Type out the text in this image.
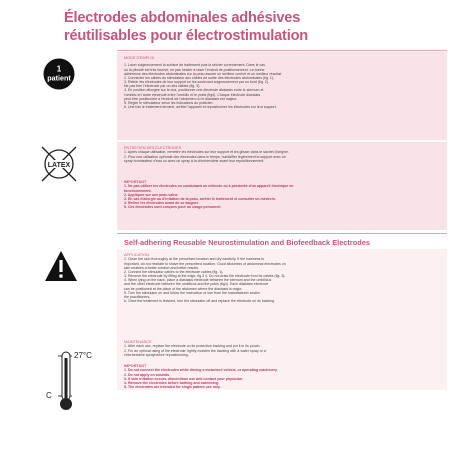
Électrodes abdominales adhésives
réutilisables pour électrostimulation
1
patient
LATEX
27°C
C
MODE D'EMPLOI

1. Laver soigneusement la surface de traitement puis la sécher correctement. Dans le cas

où la pilosité est très fournie, ne pas hésiter à raser l'endroit de positionnement. La bonne

adhérence des électrodes abdominales sur la peau assure un meilleur confort et un meilleur résultat.

2. Connecter les câbles du stimulateur aux câbles de sortie des électrodes abdominales (fig. 1).

3. Retirer les électrodes de leur support en les soulevant soigneusement par un bord (fig. 2).

Ne pas tirer l'électrode par un des câbles (fig. 3).

4. En position allongée sur le dos, positionner une électrode diastasis entre le sternum et

l'ombilic et l'autre électrode entre l'ombilic et le pubis (fig4). Chaque électrode diastasis

peut être positionnée à l'endroit de l'abdomen où le diastasis est majeur.

5. Régler le stimulateur selon les indications du praticien.

6. Une fois le traitement terminé, arrêter l'appareil et repositionner les électrodes sur leur support.

ENTRETIEN DES ÉLECTRODES

1. Après chaque utilisation, remettre les électrodes sur leur support et les glisser dans le sachet d'origine.

2. Pour une utilisation optimale des électrodes dans le temps, humidifier légèrement le support avec un

spray brumisateur d'eau ou avec un spray à la chlorhexidine avant leur repositionnement.

IMPORTANT

1. Ne pas utiliser les électrodes en conduisant un véhicule ou à proximité d'un appareil électrique en

fonctionnement.

2. Appliquer sur une peau saine.

3. En cas d'allergie ou d'irritation de la peau, arrêter le traitement et consulter un médecin.

4. Retirer les électrodes avant de se baigner.

5. Ces électrodes sont conçues pour un usage personnel.

Self-adhering Reusable Neurostimulation and Biofeedback Electrodes
APPLICATION

1. Clean the skin thoroughly at the prescribed location and dry carefully. If the hairiness is

important, do not hesitate to shave the prescribed location. Good stickiness of abdominal electrodes on

skin enables a better comfort and better results.

2. Connect the stimulator cables to the electrode cables (fig. 1).

3. Remove the electrode by lifting at the edge, fig.3 4. Do not draw the electrode from its cables (fig. 3).

4. When lying on the back, place a diastasis electrode between the sternum and the umbilicus

and the other electrode between the umbilicus and the pubis (fig4). Each diastasis electrode

can be positioned at the place of the abdomen where the diastasis is major.

5. Turn the stimulator on and follow the instruction of use from the manufacturer and/or

the practitioners.

6. Once the treatment is finished, turn the stimulator off and replace the electrode on its backing.

MAINTENANCE

1. After each use, replace the electrode on its protection backing and put it in its pouch.

2. For an optimal using of the electrode, lightly moisten the backing with a water spray or a

chlorhexidine sprayhefore repositionning.

IMPORTANT

1. Do not connect the electrodes while driving a motorised vehicle, or operating machinery.

2. Do not apply on wounds.

3. If skin irritation occurs, discontinue use and contact your physician.

4. Remove the electrodes before bathing and swimming.

5. The electrodes are intended for single patient use only.
